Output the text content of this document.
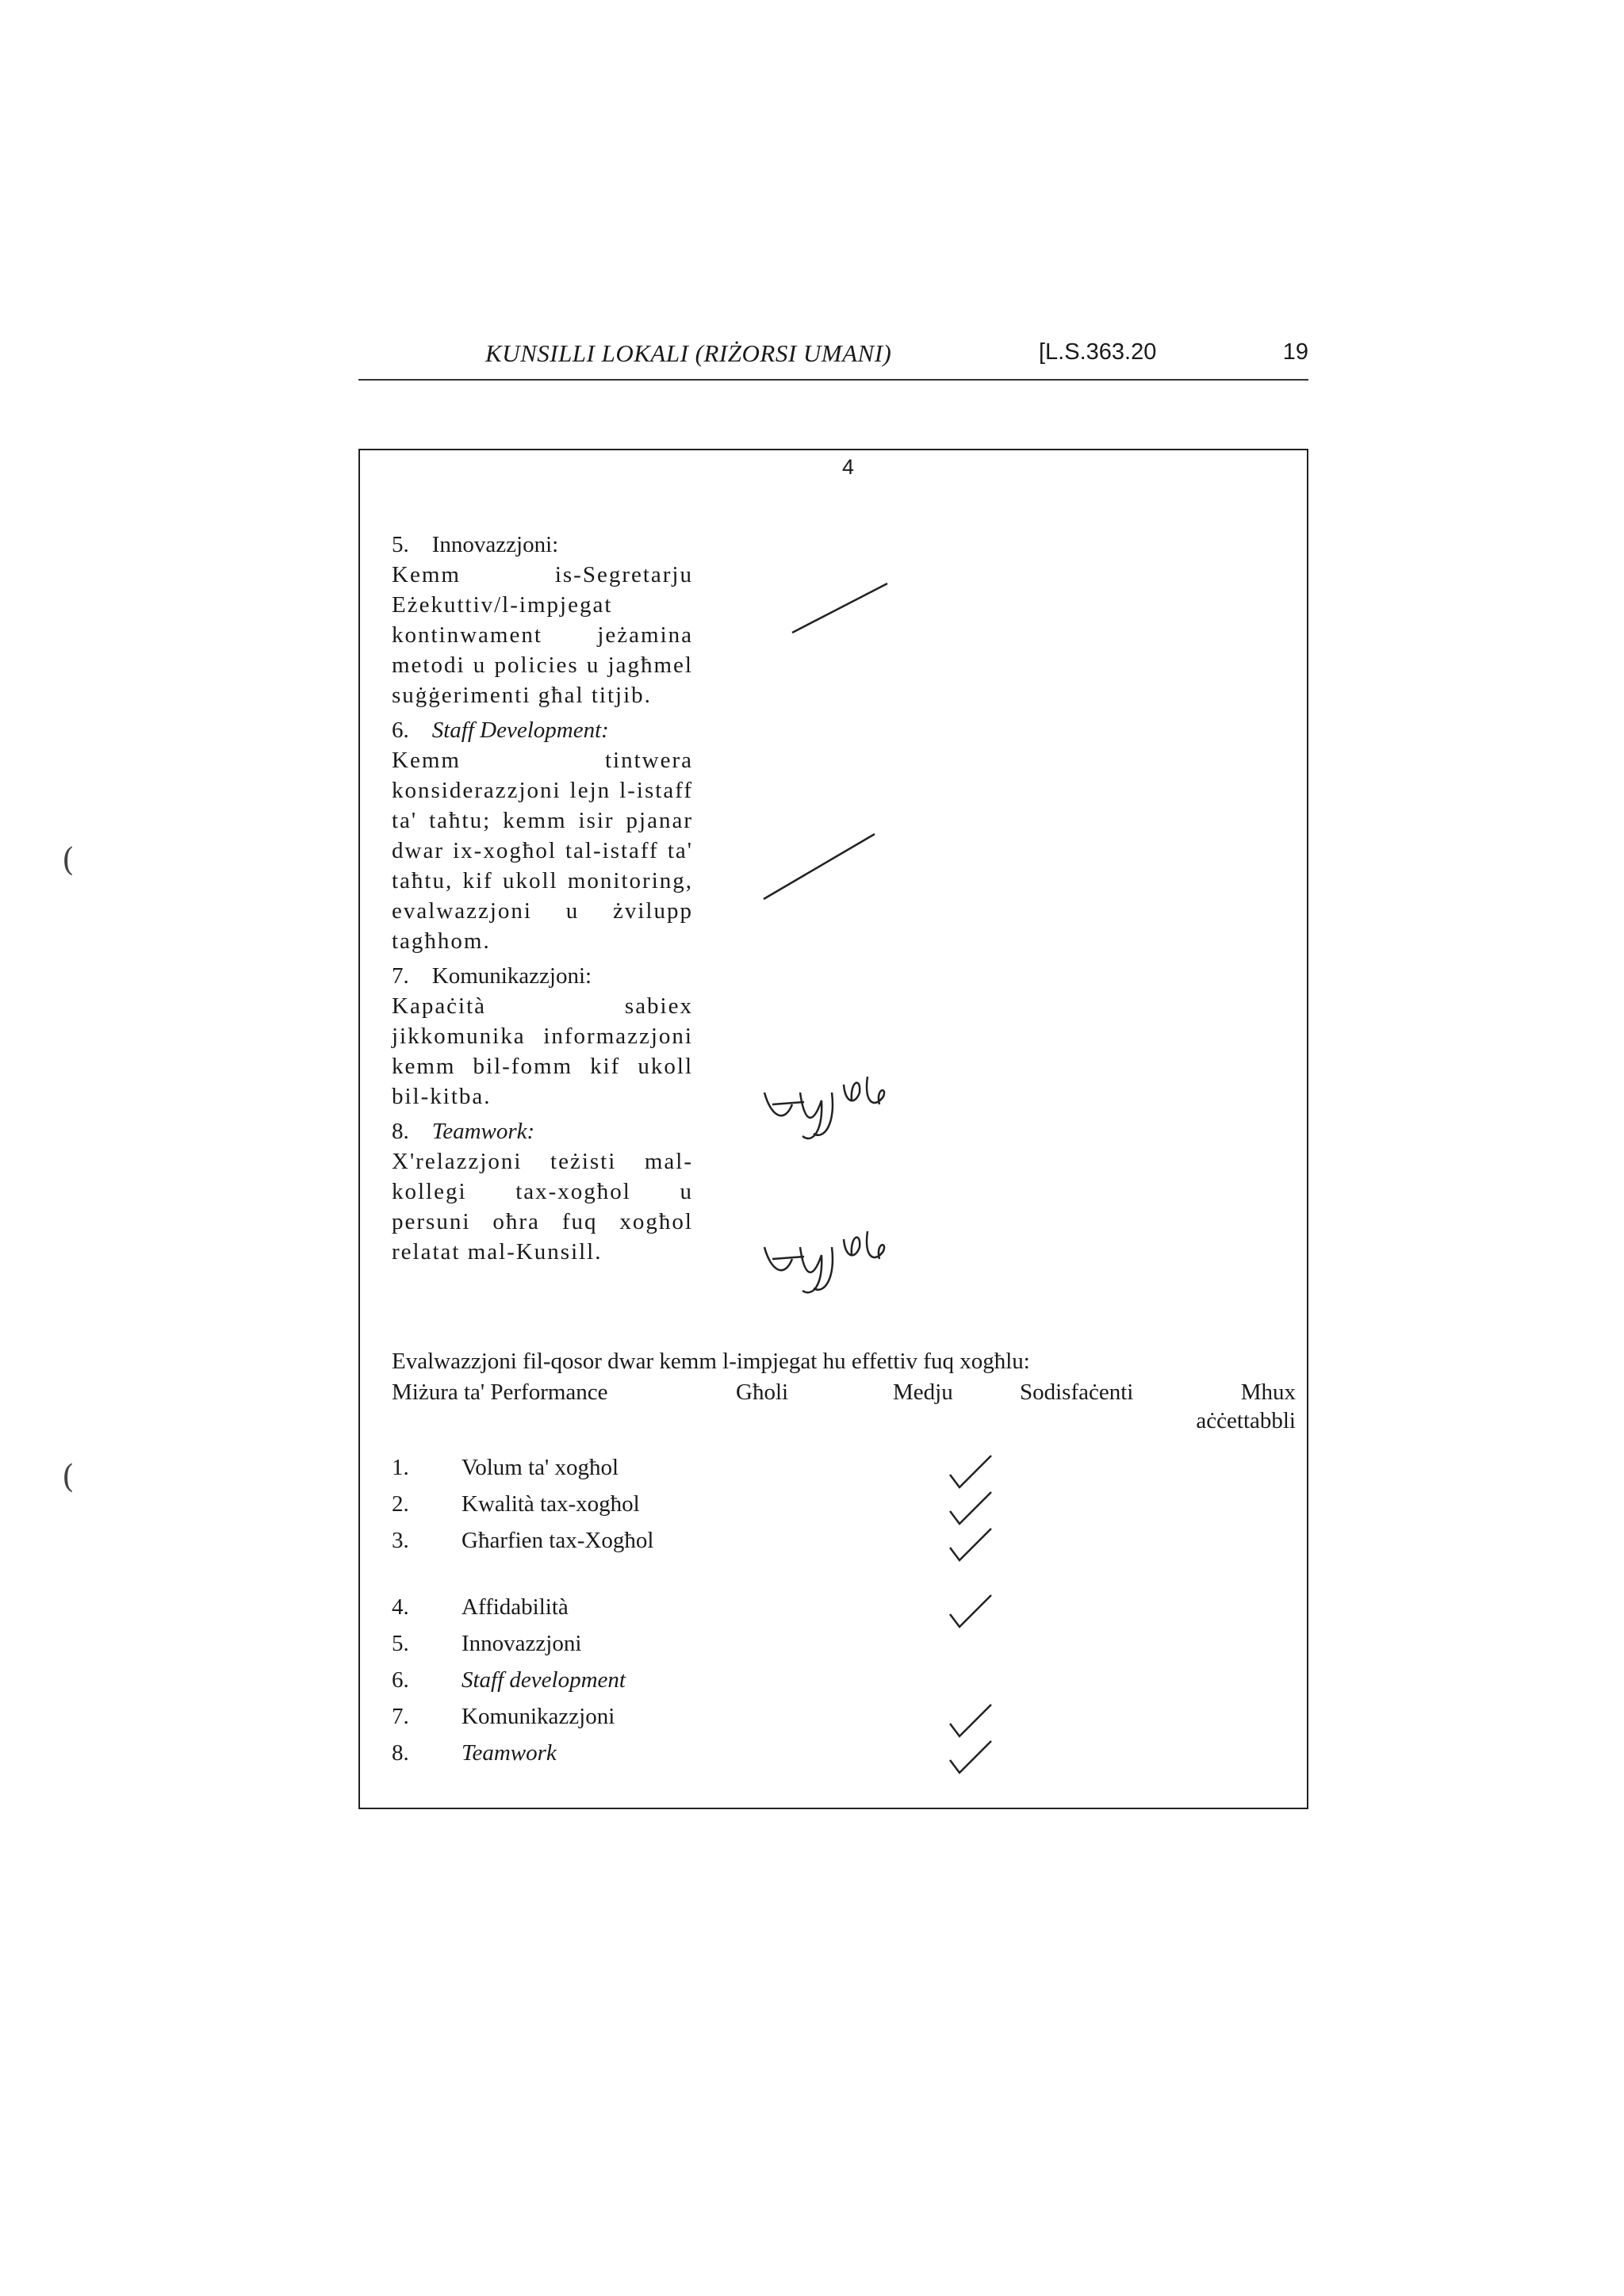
(
(
KUNSILLI LOKALI (RIŻORSI UMANI)	[L.S.363.20	19
4
5. Innovazzjoni:
Kemm is-Segretarju Eżekuttiv/l-impjegat kontinwament jeżamina metodi u policies u jagħmel suġġerimenti għal titjib.
6. Staff Development:
Kemm tintwera konsiderazzjoni lejn l-istaff ta' taħtu; kemm isir pjanar dwar ix-xogħol tal-istaff ta' taħtu, kif ukoll monitoring, evalwazzjoni u żvilupp tagħhom.
7. Komunikazzjoni:
Kapaċità sabiex jikkomunika informazzjoni kemm bil-fomm kif ukoll bil-kitba.
8. Teamwork:
X'relazzjoni teżisti mal-kollegi tax-xogħol u persuni oħra fuq xogħol relatat mal-Kunsill.
Evalwazzjoni fil-qosor dwar kemm l-impjegat hu effettiv fuq xogħlu:
Miżura ta' Performance	Għoli	Medju	Sodisfaċenti	Mhux aċċettabbli
1. Volum ta' xogħol
2. Kwalità tax-xogħol
3. Għarfien tax-Xogħol
4. Affidabilità
5. Innovazzjoni
6. Staff development
7. Komunikazzjoni
8. Teamwork
